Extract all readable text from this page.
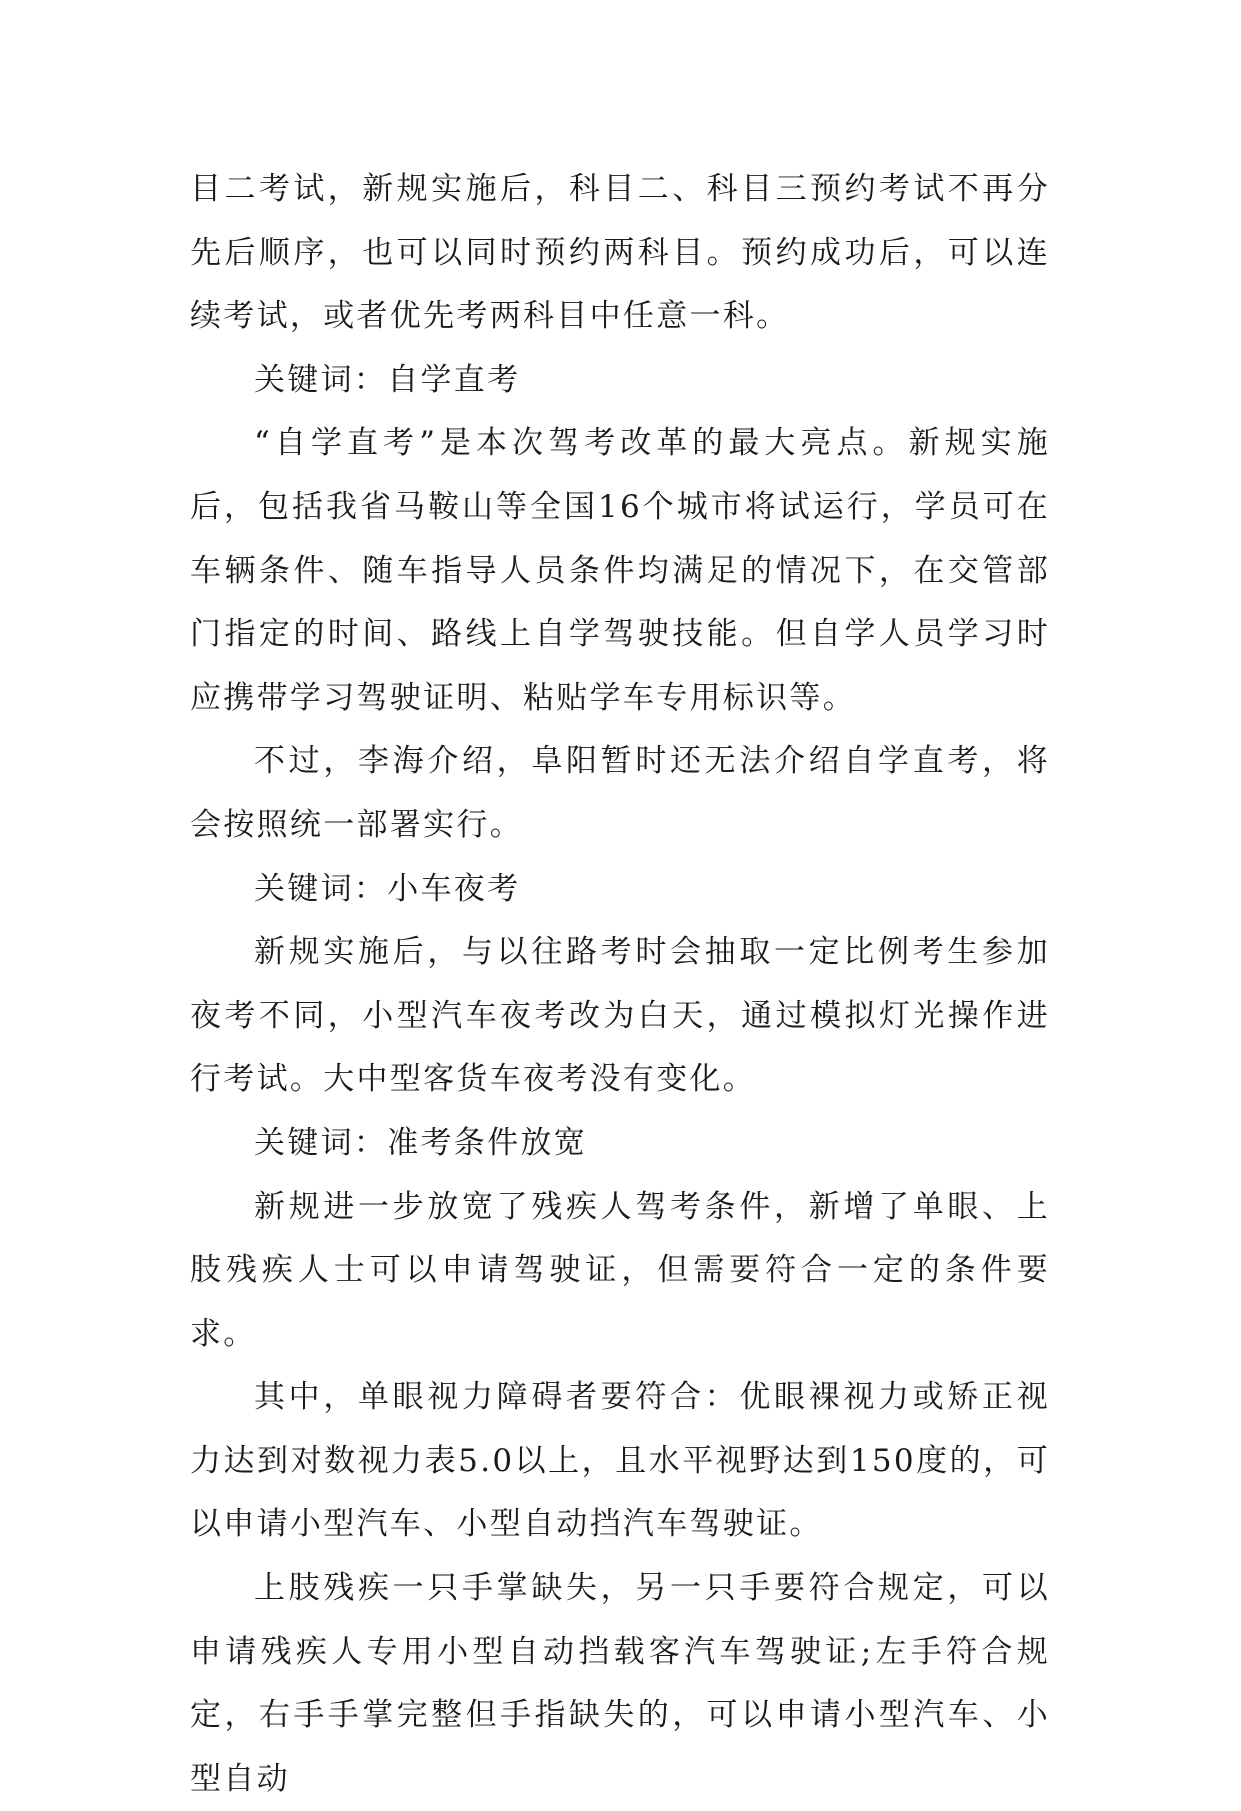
目二考试，新规实施后，科目二、科目三预约考试不再分先后顺序，也可以同时预约两科目。预约成功后，可以连续考试，或者优先考两科目中任意一科。

关键词：自学直考

“自学直考”是本次驾考改革的最大亮点。新规实施后，包括我省马鞍山等全国16个城市将试运行，学员可在车辆条件、随车指导人员条件均满足的情况下，在交管部门指定的时间、路线上自学驾驶技能。但自学人员学习时应携带学习驾驶证明、粘贴学车专用标识等。

不过，李海介绍，阜阳暂时还无法介绍自学直考，将会按照统一部署实行。

关键词：小车夜考

新规实施后，与以往路考时会抽取一定比例考生参加夜考不同，小型汽车夜考改为白天，通过模拟灯光操作进行考试。大中型客货车夜考没有变化。

关键词：准考条件放宽

新规进一步放宽了残疾人驾考条件，新增了单眼、上肢残疾人士可以申请驾驶证，但需要符合一定的条件要求。

其中，单眼视力障碍者要符合：优眼裸视力或矫正视力达到对数视力表5.0以上，且水平视野达到150度的，可以申请小型汽车、小型自动挡汽车驾驶证。

上肢残疾一只手掌缺失，另一只手要符合规定，可以申请残疾人专用小型自动挡载客汽车驾驶证;左手符合规定，右手手掌完整但手指缺失的，可以申请小型汽车、小型自动
